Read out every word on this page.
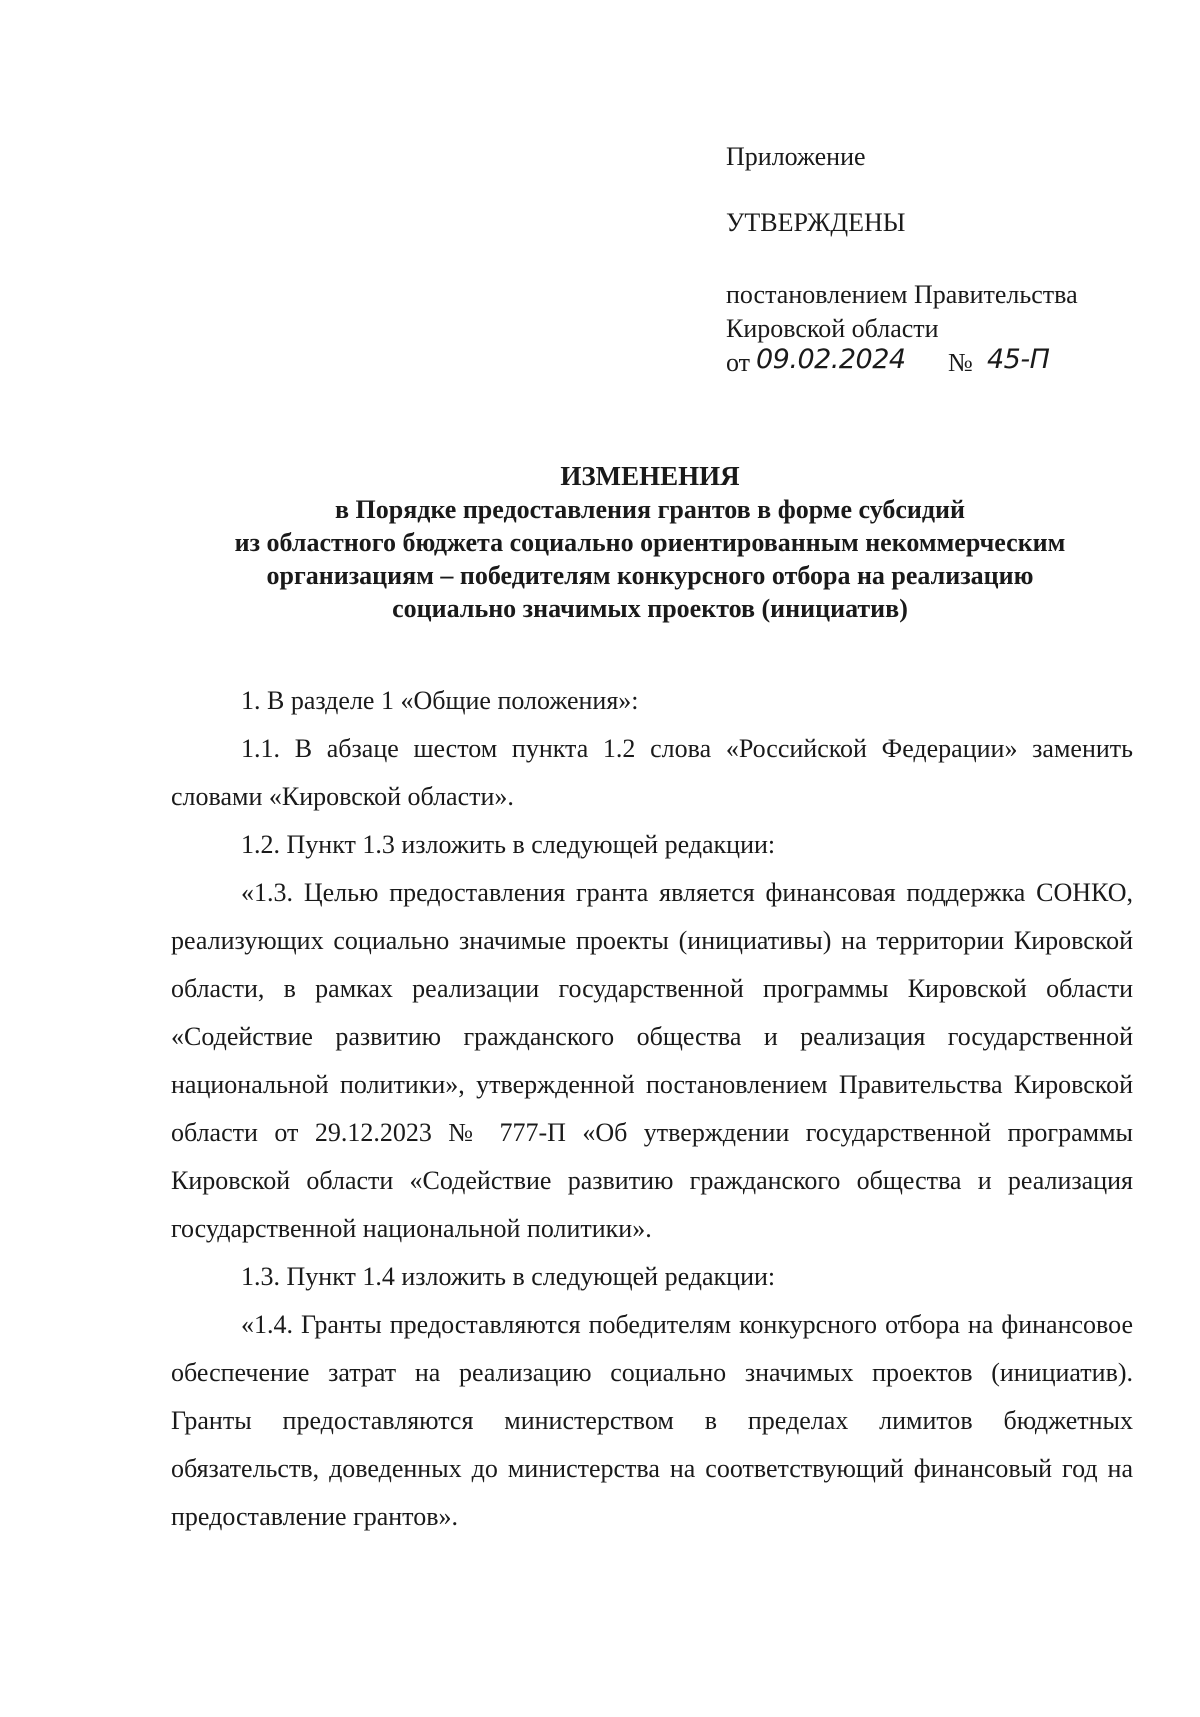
Приложение

УТВЕРЖДЕНЫ

постановлением Правительства

Кировской области

от 09.02.2024 № 45-П

ИЗМЕНЕНИЯ

в Порядке предоставления грантов в форме субсидий

из областного бюджета социально ориентированным некоммерческим

организациям – победителям конкурсного отбора на реализацию

социально значимых проектов (инициатив)

1. В разделе 1 «Общие положения»:

1.1. В абзаце шестом пункта 1.2 слова «Российской Федерации» заменить словами «Кировской области».

1.2. Пункт 1.3 изложить в следующей редакции:

«1.3. Целью предоставления гранта является финансовая поддержка СОНКО, реализующих социально значимые проекты (инициативы) на территории Кировской области, в рамках реализации государственной программы Кировской области «Содействие развитию гражданского общества и реализация государственной национальной политики», утвержденной постановлением Правительства Кировской области от 29.12.2023 № 777-П «Об утверждении государственной программы Кировской области «Содействие развитию гражданского общества и реализация государственной национальной политики».

1.3. Пункт 1.4 изложить в следующей редакции:

«1.4. Гранты предоставляются победителям конкурсного отбора на финансовое обеспечение затрат на реализацию социально значимых проектов (инициатив). Гранты предоставляются министерством в пределах лимитов бюджетных обязательств, доведенных до министерства на соответствующий финансовый год на предоставление грантов».
